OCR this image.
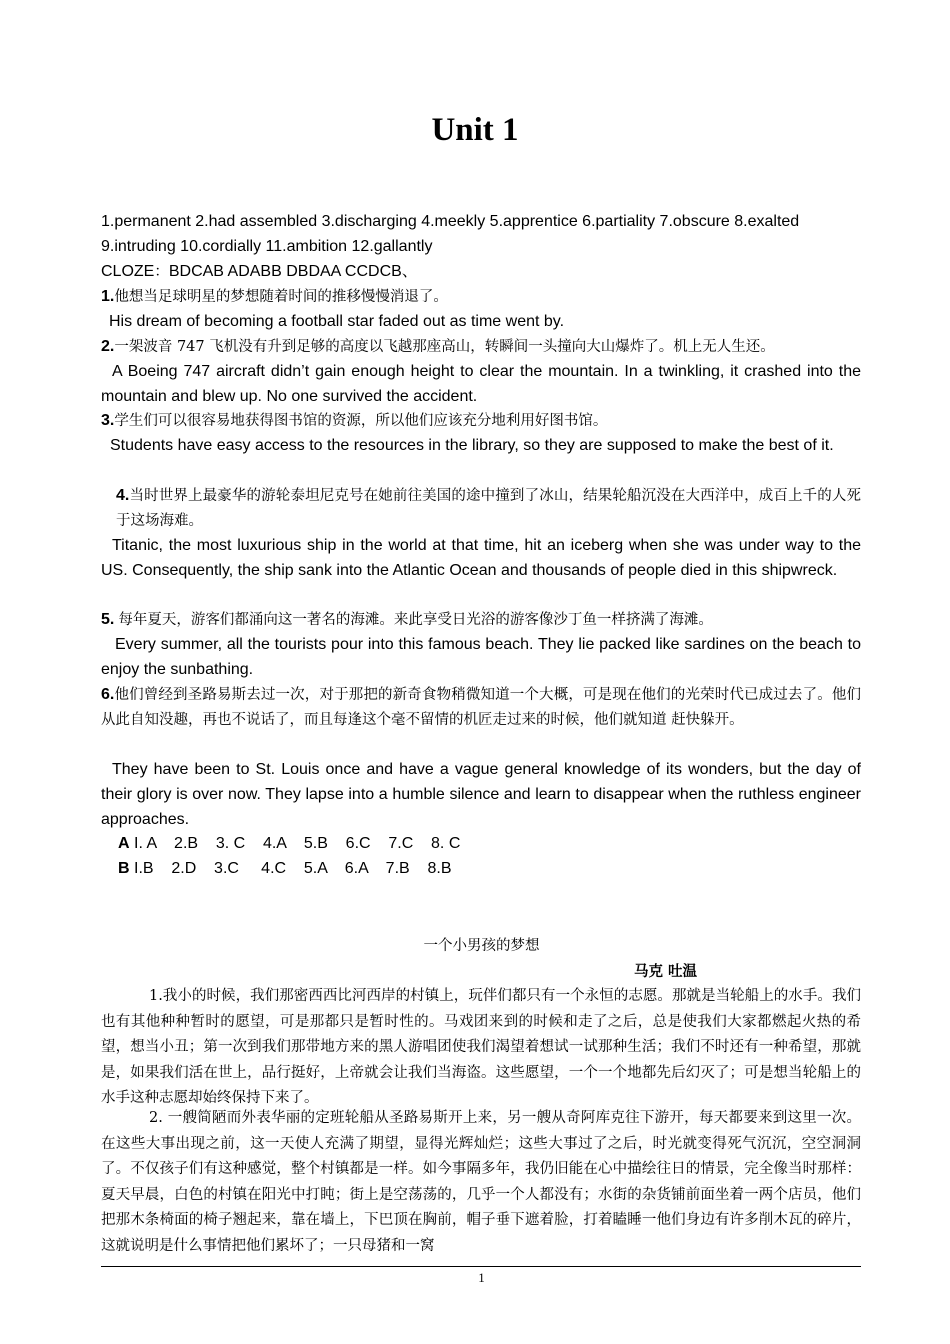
Unit 1
1.permanent 2.had assembled 3.discharging 4.meekly 5.apprentice 6.partiality 7.obscure 8.exalted
9.intruding 10.cordially 11.ambition 12.gallantly
CLOZE：BDCAB ADABB DBDAA CCDCB、
1.他想当足球明星的梦想随着时间的推移慢慢消退了。
His dream of becoming a football star faded out as time went by.
2.一架波音 747 飞机没有升到足够的高度以飞越那座高山，转瞬间一头撞向大山爆炸了。机上无人生还。
A Boeing 747 aircraft didn’t gain enough height to clear the mountain. In a twinkling, it crashed into the mountain and blew up. No one survived the accident.
3.学生们可以很容易地获得图书馆的资源，所以他们应该充分地利用好图书馆。
Students have easy access to the resources in the library, so they are supposed to make the best of it.
4.当时世界上最豪华的游轮泰坦尼克号在她前往美国的途中撞到了冰山，结果轮船沉没在大西洋中，成百上千的人死于这场海难。
Titanic, the most luxurious ship in the world at that time, hit an iceberg when she was under way to the US. Consequently, the ship sank into the Atlantic Ocean and thousands of people died in this shipwreck.
5. 每年夏天，游客们都涌向这一著名的海滩。来此享受日光浴的游客像沙丁鱼一样挤满了海滩。
Every summer, all the tourists pour into this famous beach. They lie packed like sardines on the beach to enjoy the sunbathing.
6.他们曾经到圣路易斯去过一次，对于那把的新奇食物稍微知道一个大概，可是现在他们的光荣时代已成过去了。他们从此自知没趣，再也不说话了，而且每逢这个毫不留情的机匠走过来的时候，他们就知道 赶快躲开。
They have been to St. Louis once and have a vague general knowledge of its wonders, but the day of their glory is over now. They lapse into a humble silence and learn to disappear when the ruthless engineer approaches.
A I. A    2.B    3. C    4.A    5.B    6.C    7.C    8. C
B I.B    2.D    3.C     4.C    5.A    6.A    7.B    8.B
一个小男孩的梦想
马克 吐温
1.我小的时候，我们那密西西比河西岸的村镇上，玩伴们都只有一个永恒的志愿。那就是当轮船上的水手。我们也有其他种种暂时的愿望，可是那都只是暂时性的。马戏团来到的时候和走了之后，总是使我们大家都燃起火热的希望，想当小丑；第一次到我们那带地方来的黑人游唱团使我们渴望着想试一试那种生活；我们不时还有一种希望，那就是，如果我们活在世上，品行挺好，上帝就会让我们当海盗。这些愿望，一个一个地都先后幻灭了；可是想当轮船上的水手这种志愿却始终保持下来了。
2. 一艘简陋而外表华丽的定班轮船从圣路易斯开上来，另一艘从奇阿库克往下游开，每天都要来到这里一次。在这些大事出现之前，这一天使人充满了期望，显得光辉灿烂；这些大事过了之后，时光就变得死气沉沉，空空洞洞了。不仅孩子们有这种感觉，整个村镇都是一样。如今事隔多年，我仍旧能在心中描绘往日的情景，完全像当时那样：夏天早晨，白色的村镇在阳光中打盹；街上是空荡荡的，几乎一个人都没有；水街的杂货铺前面坐着一两个店员，他们把那木条椅面的椅子翘起来，靠在墙上，下巴顶在胸前，帽子垂下遮着脸，打着瞌睡一他们身边有许多削木瓦的碎片，这就说明是什么事情把他们累坏了；一只母猪和一窝
1
